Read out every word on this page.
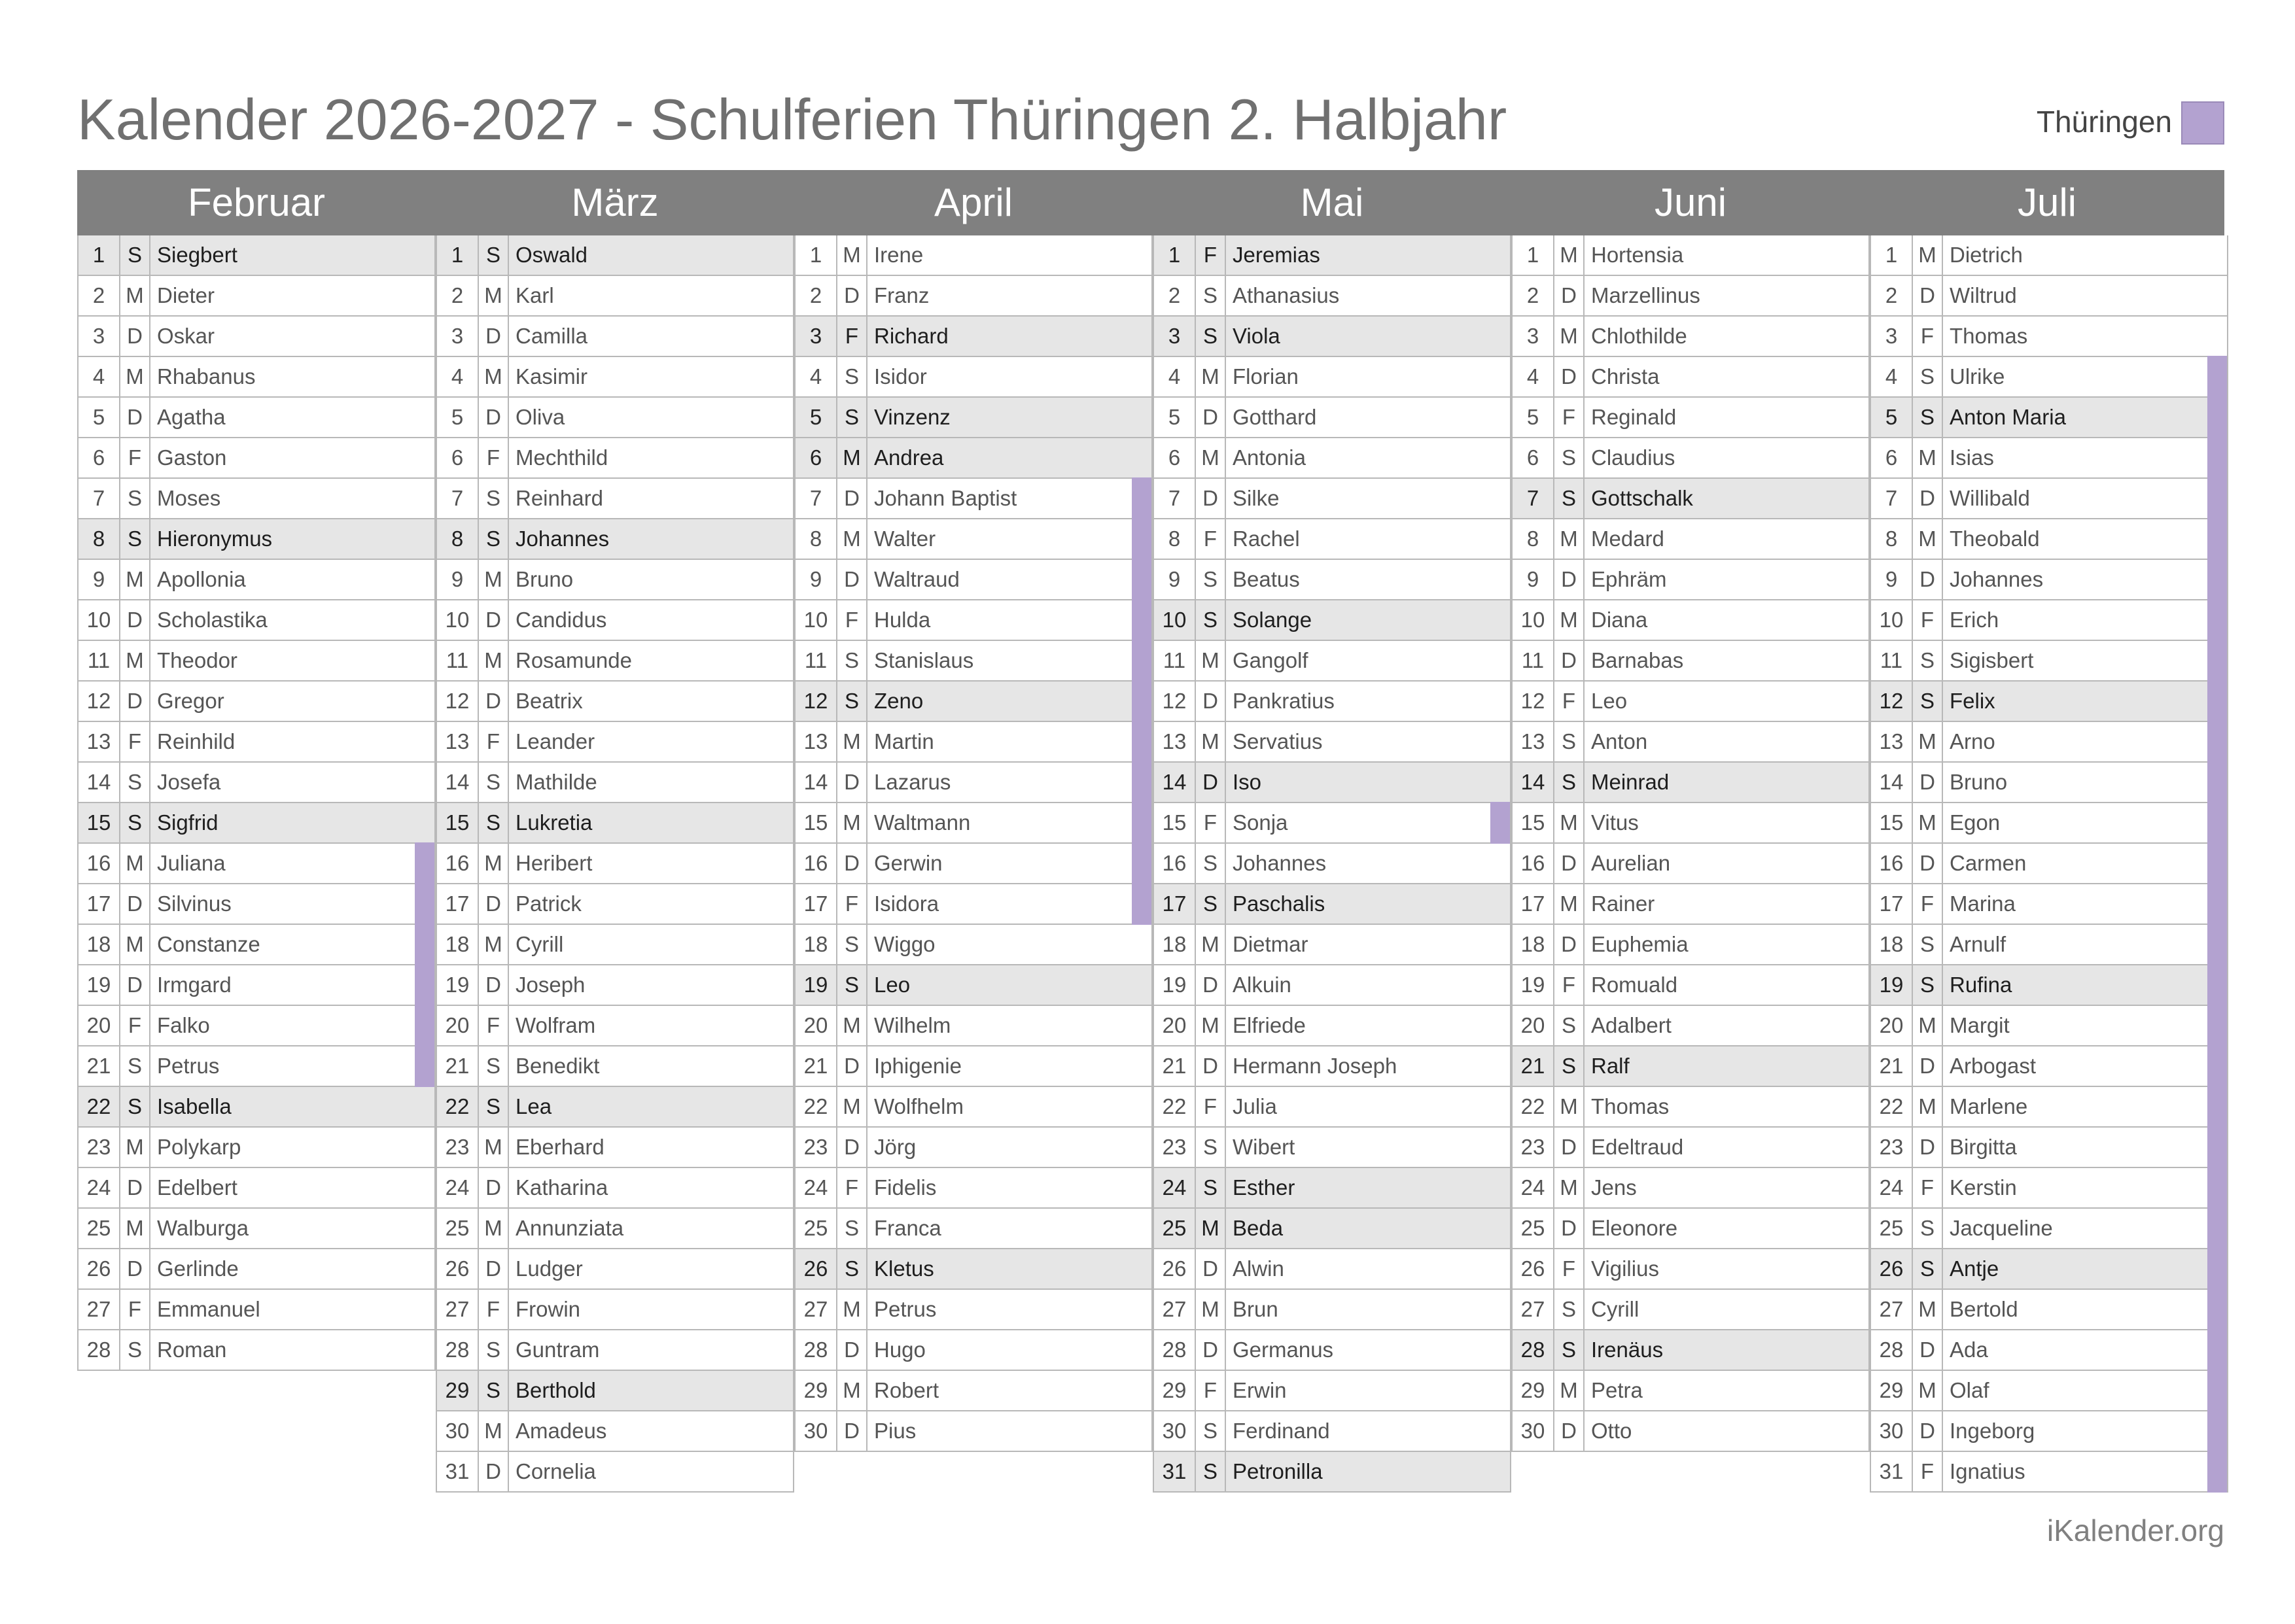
Kalender 2026-2027 - Schulferien Thüringen 2. Halbjahr	Thüringen
Februar	März	April	Mai	Juni	Juli
1	S Siegbert
2 M Dieter
3	D Oskar
4 M Rhabanus
5	D Agatha
6	F Gaston
7	S Moses
8	S Hieronymus
9 M Apollonia
10 D Scholastika
11 M Theodor
12 D Gregor
13 F Reinhild
14 S Josefa
15 S Sigfrid
16 M Juliana
17 D Silvinus
18 M Constanze
19 D Irmgard
20 F Falko
21 S Petrus
22 S Isabella
23 M Polykarp
24 D Edelbert
25 M Walburga
26 D Gerlinde
27 F Emmanuel
28 S Roman
1	S Oswald
2 M Karl
3	D Camilla
4 M Kasimir
5	D Oliva
6	F Mechthild
7	S Reinhard
8	S Johannes
9 M Bruno
10 D Candidus
11 M Rosamunde
12 D Beatrix
13 F Leander
14 S Mathilde
15 S Lukretia
16 M Heribert
17 D Patrick
18 M Cyrill
19 D Joseph
20 F Wolfram
21 S Benedikt
22 S Lea
23 M Eberhard
24 D Katharina
25 M Annunziata
26 D Ludger
27 F Frowin
28 S Guntram
29 S Berthold
30 M Amadeus
31 D Cornelia
1 M Irene
2	D Franz
3	F Richard
4	S Isidor
5	S Vinzenz
6 M Andrea
7	D Johann Baptist
8 M Walter
9	D Waltraud
10 F Hulda
11 S Stanislaus
12 S Zeno
13 M Martin
14 D Lazarus
15 M Waltmann
16 D Gerwin
17 F Isidora
18 S Wiggo
19 S Leo
20 M Wilhelm
21 D Iphigenie
22 M Wolfhelm
23 D Jörg
24 F Fidelis
25 S Franca
26 S Kletus
27 M Petrus
28 D Hugo
29 M Robert
30 D Pius
1	F Jeremias
2	S Athanasius
3	S Viola
4 M Florian
5	D Gotthard
6 M Antonia
7	D Silke
8	F Rachel
9	S Beatus
10 S Solange
11 M Gangolf
12 D Pankratius
13 M Servatius
14 D Iso
15 F Sonja
16 S Johannes
17 S Paschalis
18 M Dietmar
19 D Alkuin
20 M Elfriede
21 D Hermann Joseph
22 F Julia
23 S Wibert
24 S Esther
25 M Beda
26 D Alwin
27 M Brun
28 D Germanus
29 F Erwin
30 S Ferdinand
31 S Petronilla
1 M Hortensia
2	D Marzellinus
3 M Chlothilde
4	D Christa
5	F Reginald
6	S Claudius
7	S Gottschalk
8 M Medard
9	D Ephräm
10 M Diana
11 D Barnabas
12 F Leo
13 S Anton
14 S Meinrad
15 M Vitus
16 D Aurelian
17 M Rainer
18 D Euphemia
19 F Romuald
20 S Adalbert
21 S Ralf
22 M Thomas
23 D Edeltraud
24 M Jens
25 D Eleonore
26 F Vigilius
27 S Cyrill
28 S Irenäus
29 M Petra
30 D Otto
1 M Dietrich
2	D Wiltrud
3	F Thomas
4	S Ulrike
5	S Anton Maria
6 M Isias
7	D Willibald
8 M Theobald
9	D Johannes
10 F Erich
11 S Sigisbert
12 S Felix
13 M Arno
14 D Bruno
15 M Egon
16 D Carmen
17 F Marina
18 S Arnulf
19 S Rufina
20 M Margit
21 D Arbogast
22 M Marlene
23 D Birgitta
24 F Kerstin
25 S Jacqueline
26 S Antje
27 M Bertold
28 D Ada
29 M Olaf
30 D Ingeborg
31 F Ignatius
iKalender.org
